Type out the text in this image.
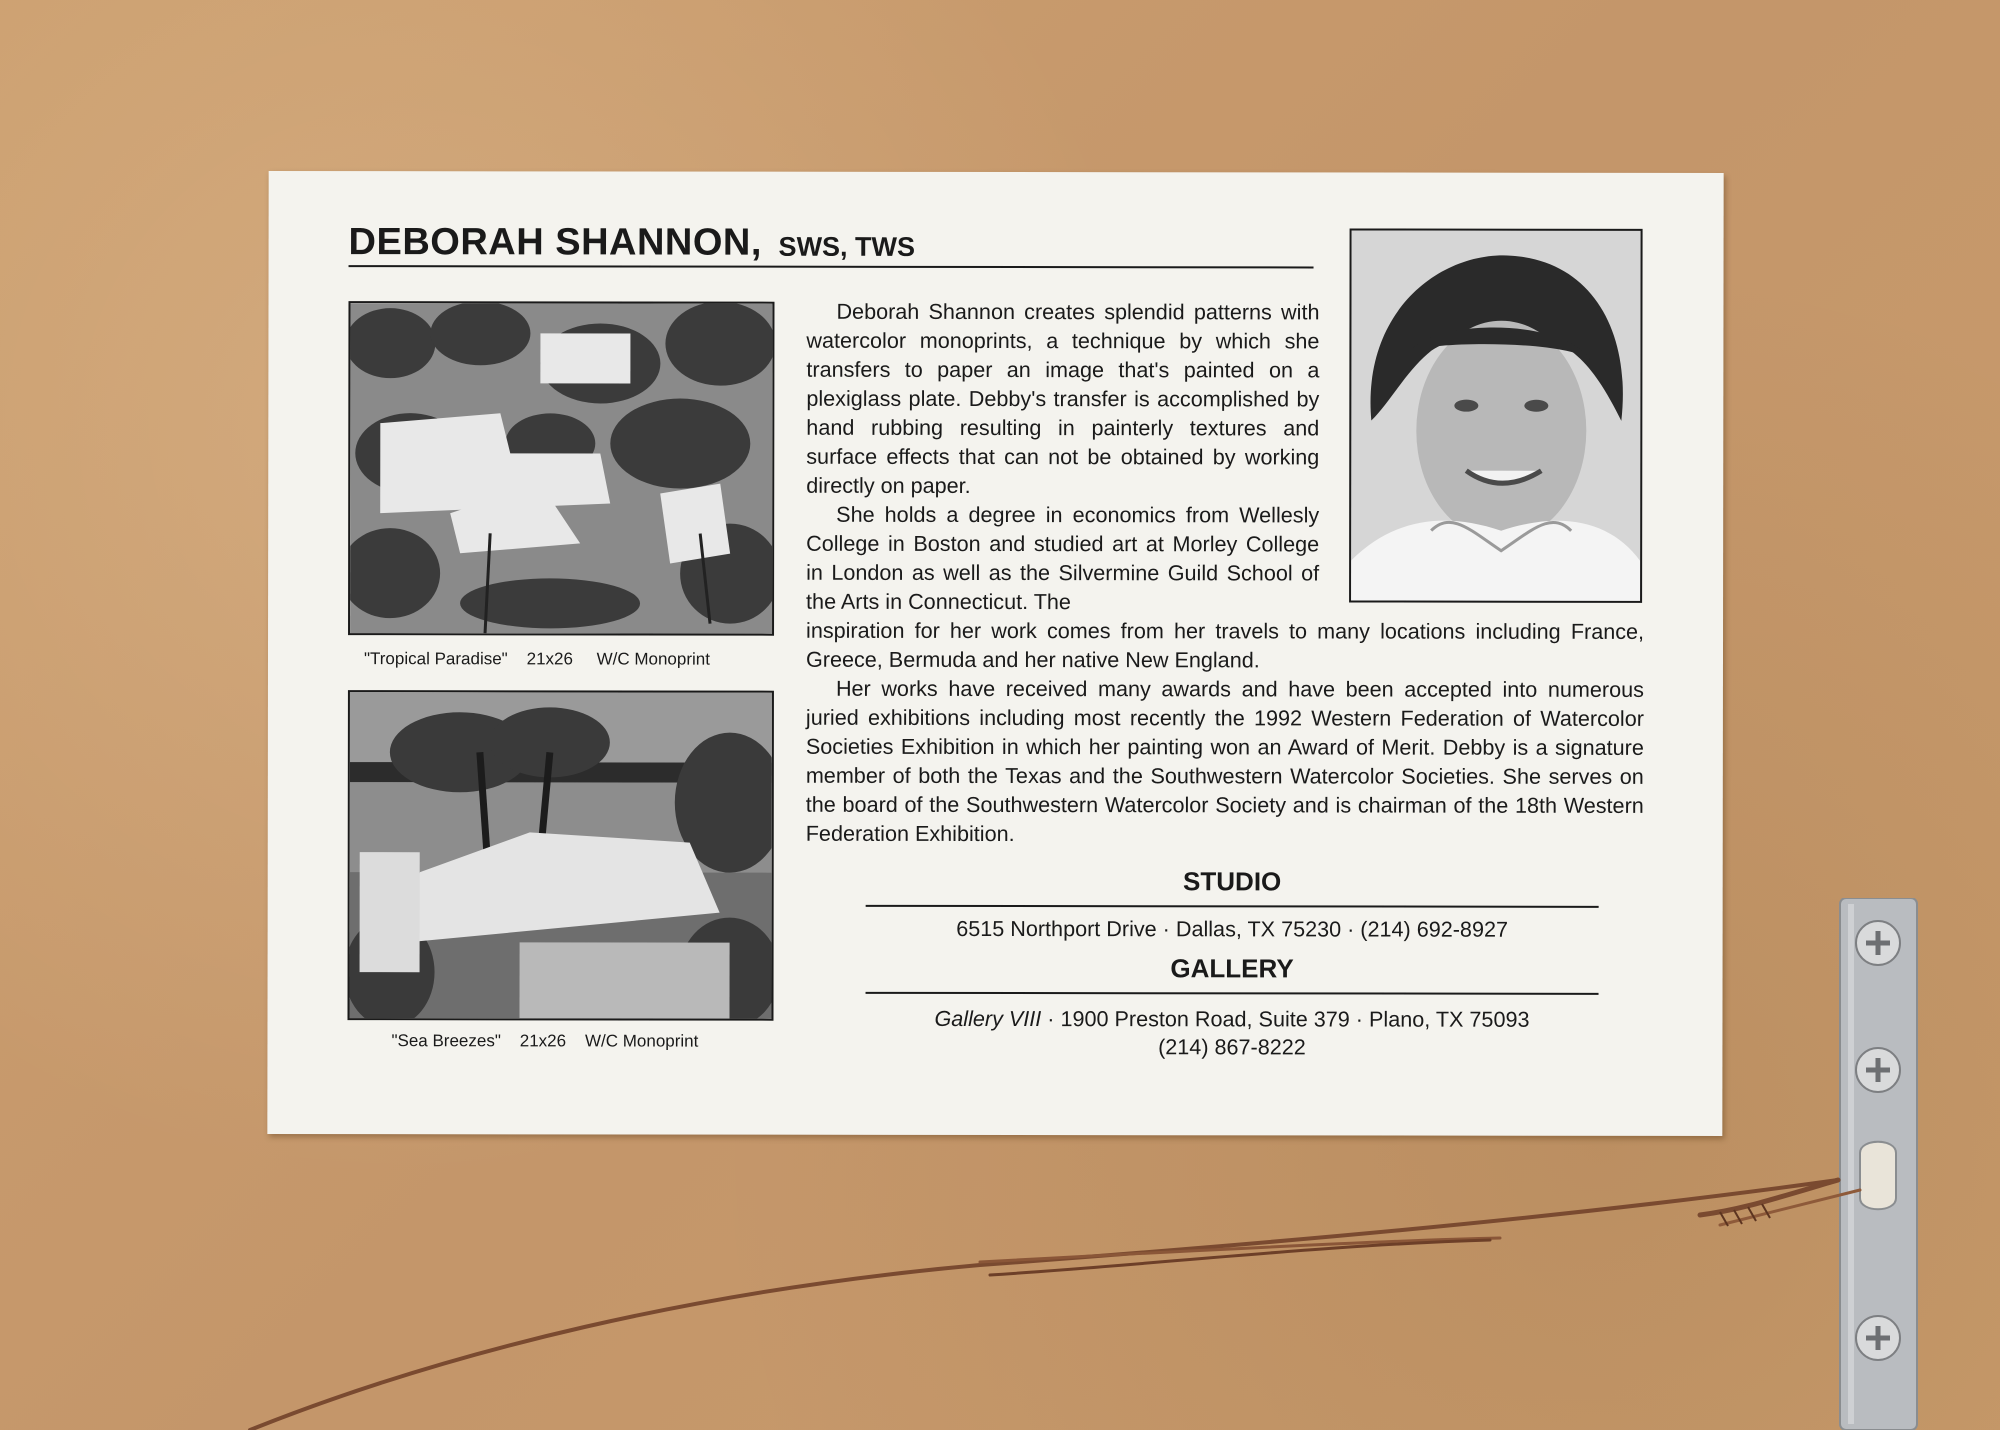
DEBORAH SHANNON, SWS, TWS
"Tropical Paradise" 21x26 W/C Monoprint
"Sea Breezes" 21x26 W/C Monoprint

Deborah Shannon creates splendid patterns with watercolor monoprints, a technique by which she transfers to paper an image that's painted on a plexiglass plate. Debby's transfer is accomplished by hand rubbing resulting in painterly textures and surface effects that can not be obtained by working directly on paper.

She holds a degree in economics from Wellesly College in Boston and studied art at Morley College in London as well as the Silvermine Guild School of the Arts in Connecticut. The

inspiration for her work comes from her travels to many locations including France, Greece, Bermuda and her native New England.

Her works have received many awards and have been accepted into numerous juried exhibitions including most recently the 1992 Western Federation of Watercolor Societies Exhibition in which her painting won an Award of Merit. Debby is a signature member of both the Texas and the Southwestern Watercolor Societies. She serves on the board of the Southwestern Watercolor Society and is chairman of the 18th Western Federation Exhibition.

STUDIO
6515 Northport Drive · Dallas, TX 75230 · (214) 692-8927
GALLERY
Gallery VIII · 1900 Preston Road, Suite 379 · Plano, TX 75093
(214) 867-8222
